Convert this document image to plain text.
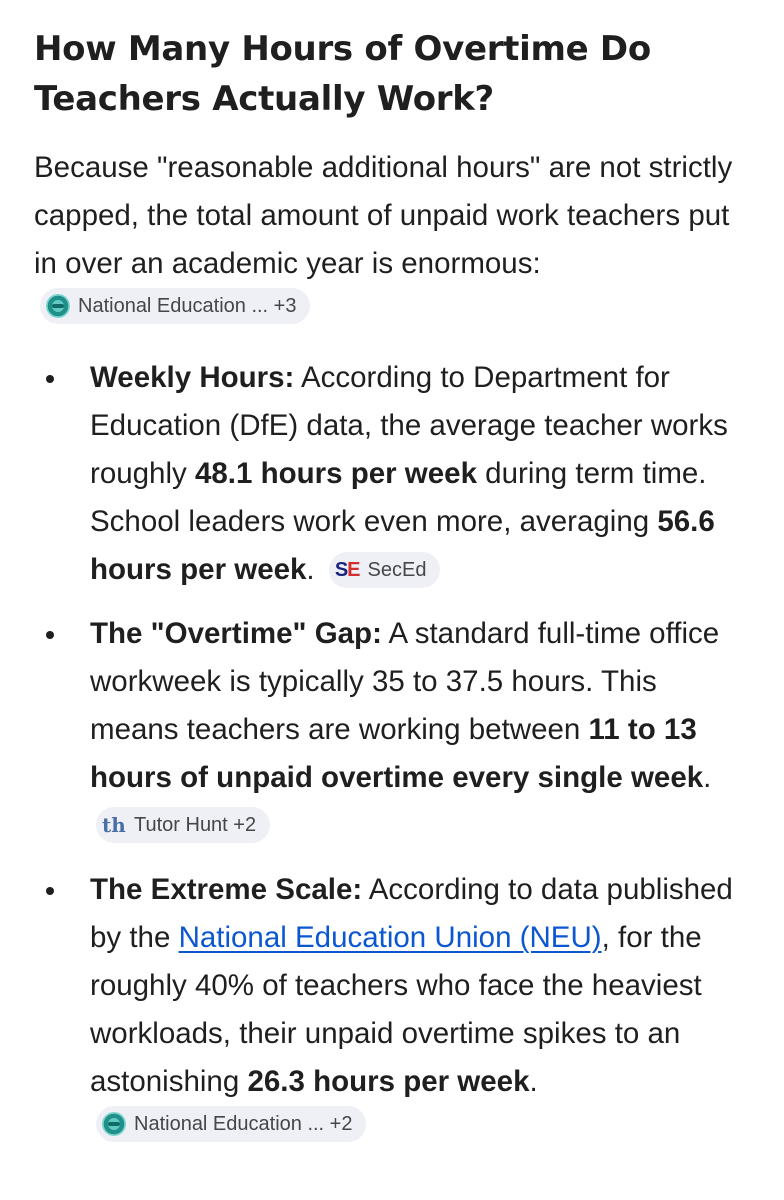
How Many Hours of Overtime Do Teachers Actually Work?

Because "reasonable additional hours" are not strictly capped, the total amount of unpaid work teachers put in over an academic year is enormous:
National Education ... +3

Weekly Hours: According to Department for Education (DfE) data, the average teacher works roughly 48.1 hours per week during term time. School leaders work even more, averaging 56.6 hours per week. SE SecEd
The "Overtime" Gap: A standard full-time office workweek is typically 35 to 37.5 hours. This means teachers are working between 11 to 13 hours of unpaid overtime every single week.
th Tutor Hunt +2
The Extreme Scale: According to data published by the National Education Union (NEU), for the roughly 40% of teachers who face the heaviest workloads, their unpaid overtime spikes to an astonishing 26.3 hours per week.
National Education ... +2
